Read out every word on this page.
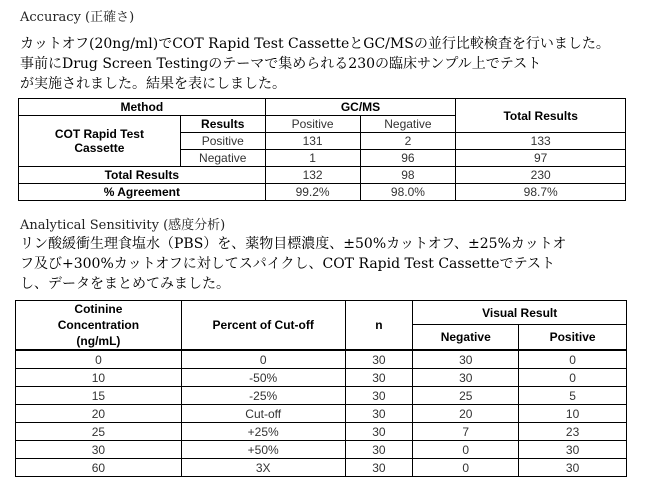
Accuracy (正確さ)
カットオフ(20ng/ml)でCOT Rapid Test CassetteとGC/MSの並行比較検査を行いました。
事前にDrug Screen Testingのテーマで集められる230の臨床サンプル上でテスト
が実施されました。結果を表にしました。
Method		GC/MS		Total Results
COT Rapid Test Cassette	Results	Positive	Negative	
	Positive	131	2	133
	Negative	1	96	97
Total Results		132	98	230
% Agreement		99.2%	98.0%	98.7%
Analytical Sensitivity (感度分析)
リン酸緩衝生理食塩水（PBS）を、薬物目標濃度、±50%カットオフ、±25%カットオ
フ及び+300%カットオフに対してスパイクし、COT Rapid Test Cassetteでテスト
し、データをまとめてみました。
Cotinine Concentration (ng/mL)	Percent of Cut-off	n	Visual Result	
			Negative	Positive
0	0	30	30	0
10	-50%	30	30	0
15	-25%	30	25	5
20	Cut-off	30	20	10
25	+25%	30	7	23
30	+50%	30	0	30
60	3X	30	0	30
